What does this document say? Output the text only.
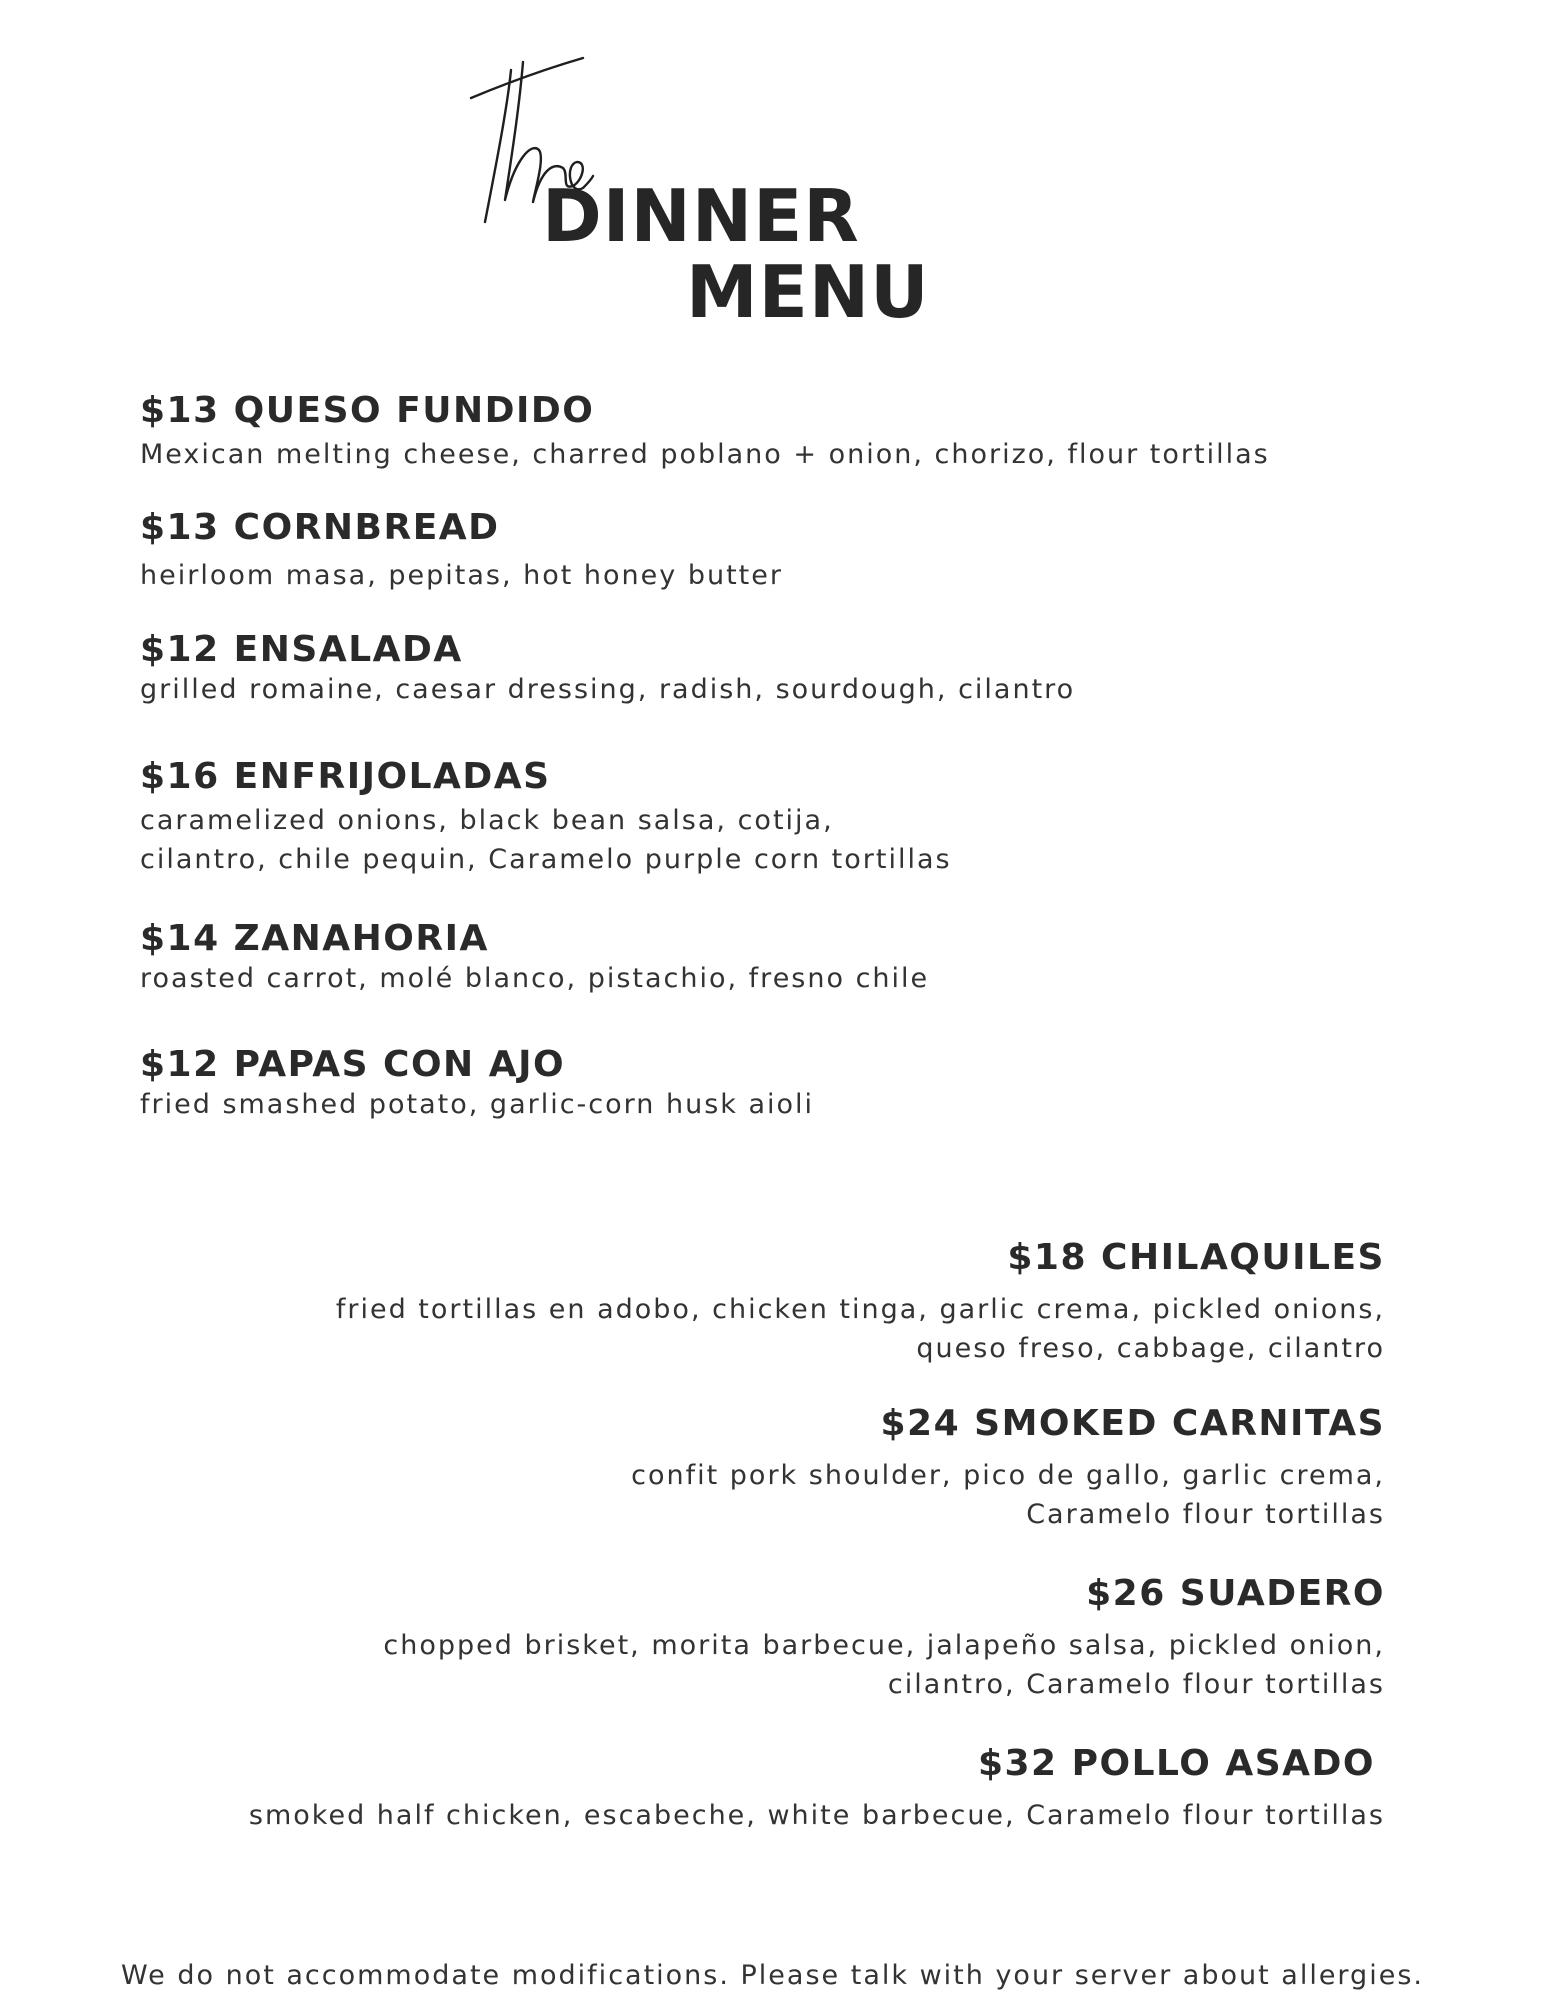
DINNER
MENU
$13 QUESO FUNDIDO
Mexican melting cheese, charred poblano + onion, chorizo, flour tortillas
$13 CORNBREAD
heirloom masa, pepitas, hot honey butter
$12 ENSALADA
grilled romaine, caesar dressing, radish, sourdough, cilantro
$16 ENFRIJOLADAS
caramelized onions, black bean salsa, cotija,
cilantro, chile pequin, Caramelo purple corn tortillas
$14 ZANAHORIA
roasted carrot, molé blanco, pistachio, fresno chile
$12 PAPAS CON AJO
fried smashed potato, garlic-corn husk aioli
$18 CHILAQUILES
fried tortillas en adobo, chicken tinga, garlic crema, pickled onions,
queso freso, cabbage, cilantro
$24 SMOKED CARNITAS
confit pork shoulder, pico de gallo, garlic crema,
Caramelo flour tortillas
$26 SUADERO
chopped brisket, morita barbecue, jalapeño salsa, pickled onion,
cilantro, Caramelo flour tortillas
$32 POLLO ASADO
smoked half chicken, escabeche, white barbecue, Caramelo flour tortillas
We do not accommodate modifications. Please talk with your server about allergies.
